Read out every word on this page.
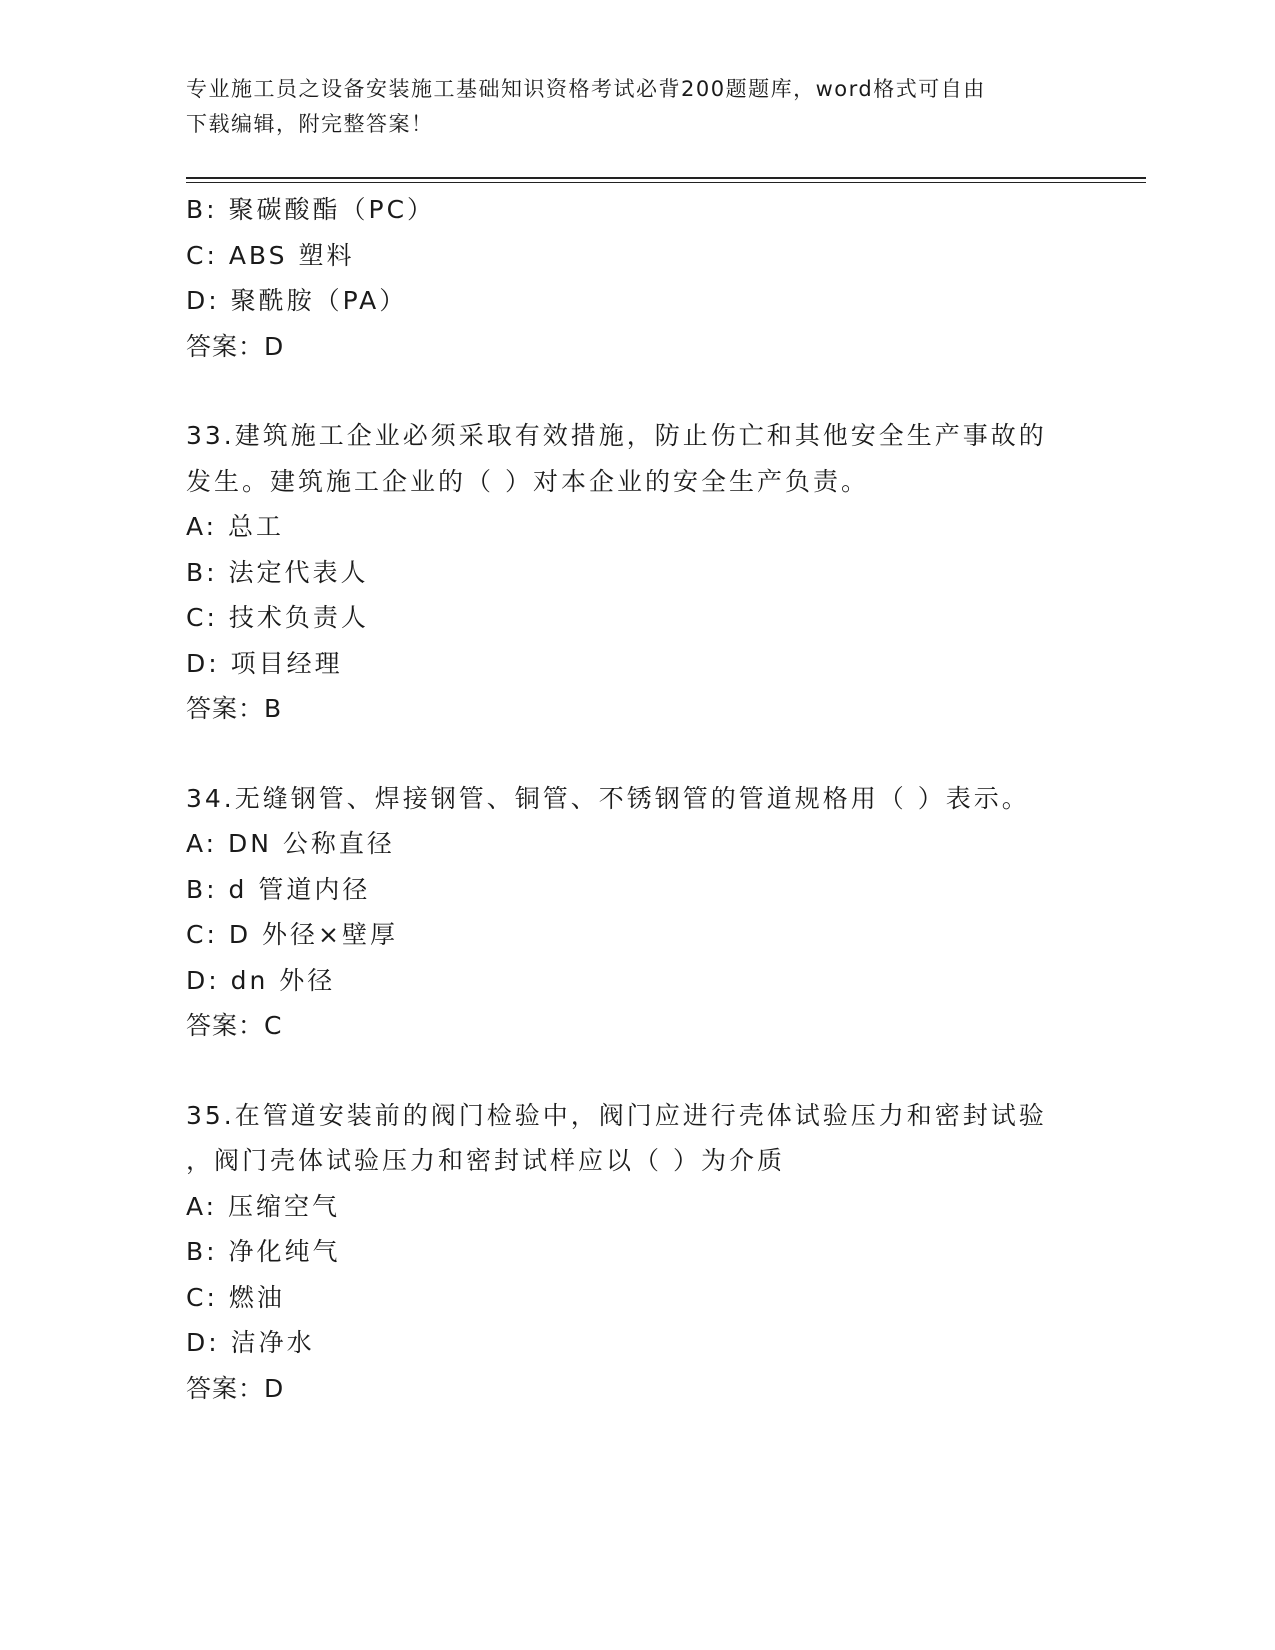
专业施工员之设备安装施工基础知识资格考试必背200题题库，word格式可自由
下载编辑，附完整答案！
B: 聚碳酸酯（PC）
C: ABS 塑料
D: 聚酰胺（PA）
答案：D
33.建筑施工企业必须采取有效措施，防止伤亡和其他安全生产事故的
发生。建筑施工企业的（ ）对本企业的安全生产负责。
A: 总工
B: 法定代表人
C: 技术负责人
D: 项目经理
答案：B
34.无缝钢管、焊接钢管、铜管、不锈钢管的管道规格用（ ）表示。
A: DN 公称直径
B: d 管道内径
C: D 外径×壁厚
D: dn 外径
答案：C
35.在管道安装前的阀门检验中，阀门应进行壳体试验压力和密封试验
，阀门壳体试验压力和密封试样应以（ ）为介质
A: 压缩空气
B: 净化纯气
C: 燃油
D: 洁净水
答案：D
